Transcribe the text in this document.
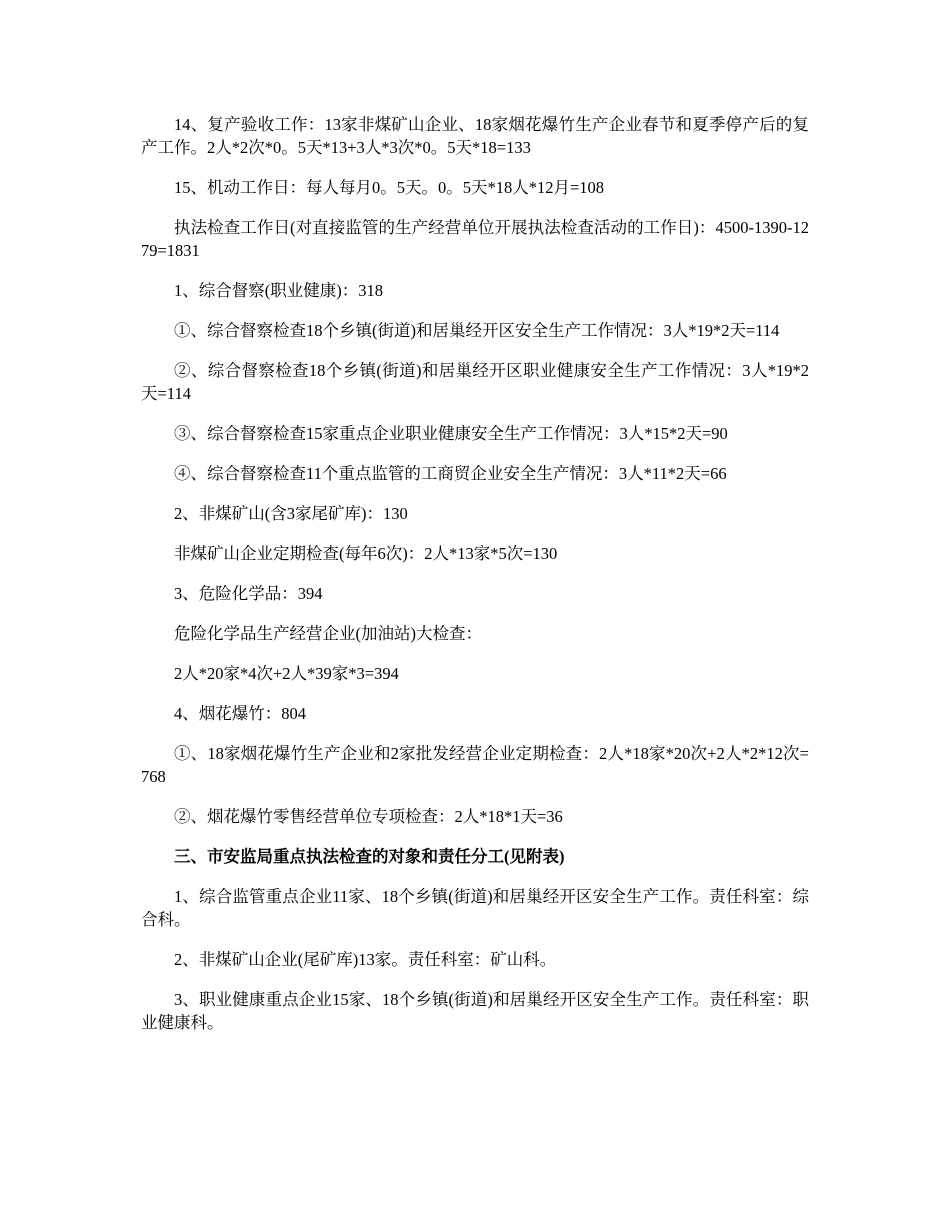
14、复产验收工作：13家非煤矿山企业、18家烟花爆竹生产企业春节和夏季停产后的复产工作。2人*2次*0。5天*13+3人*3次*0。5天*18=133

15、机动工作日：每人每月0。5天。0。5天*18人*12月=108

执法检查工作日(对直接监管的生产经营单位开展执法检查活动的工作日)：4500-1390-1279=1831

1、综合督察(职业健康)：318

①、综合督察检查18个乡镇(街道)和居巢经开区安全生产工作情况：3人*19*2天=114

②、综合督察检查18个乡镇(街道)和居巢经开区职业健康安全生产工作情况：3人*19*2天=114

③、综合督察检查15家重点企业职业健康安全生产工作情况：3人*15*2天=90

④、综合督察检查11个重点监管的工商贸企业安全生产情况：3人*11*2天=66

2、非煤矿山(含3家尾矿库)：130

非煤矿山企业定期检查(每年6次)：2人*13家*5次=130

3、危险化学品：394

危险化学品生产经营企业(加油站)大检查：

2人*20家*4次+2人*39家*3=394

4、烟花爆竹：804

①、18家烟花爆竹生产企业和2家批发经营企业定期检查：2人*18家*20次+2人*2*12次=768

②、烟花爆竹零售经营单位专项检查：2人*18*1天=36

三、市安监局重点执法检查的对象和责任分工(见附表)

1、综合监管重点企业11家、18个乡镇(街道)和居巢经开区安全生产工作。责任科室：综合科。

2、非煤矿山企业(尾矿库)13家。责任科室：矿山科。

3、职业健康重点企业15家、18个乡镇(街道)和居巢经开区安全生产工作。责任科室：职业健康科。
